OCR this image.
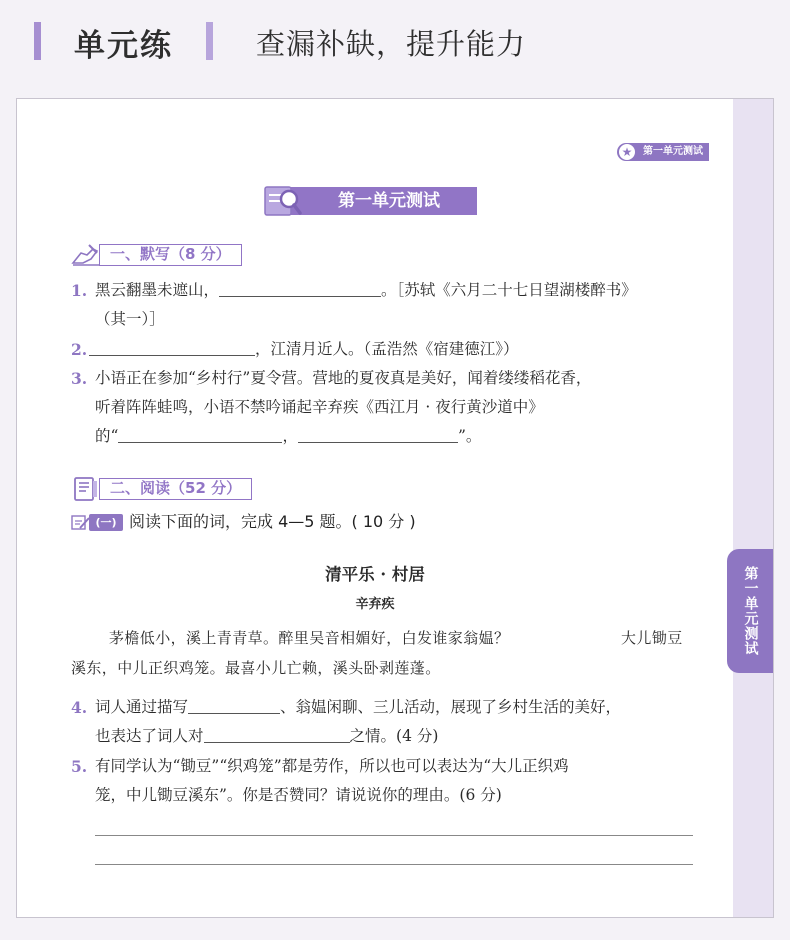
单元练	查漏补缺，提升能力
第一单元测试
★ 第一单元测试
第一单元测试
一、默写（8 分）
1. 黑云翻墨未遮山，	。［苏轼《六月二十七日望湖楼醉书》
（其一）］
2.	，江清月近人。（孟浩然《宿建德江》）
3. 小语正在参加“乡村行”夏令营。营地的夏夜真是美好，闻着缕缕稻花香，
听着阵阵蛙鸣，小语不禁吟诵起辛弃疾《西江月 · 夜行黄沙道中》
的“	，	”。
二、阅读（52 分）
(一) 阅读下面的词，完成 4—5 题。( 10 分 )
清平乐 · 村居
辛弃疾
茅檐低小，溪上青青草。醉里吴音相媚好，白发谁家翁媪？	大儿锄豆
溪东，中儿正织鸡笼。最喜小儿亡赖，溪头卧剥莲蓬。
4. 词人通过描写	、翁媪闲聊、三儿活动，展现了乡村生活的美好，
也表达了词人对	之情。(4 分)
5. 有同学认为“锄豆”“织鸡笼”都是劳作，所以也可以表达为“大儿正织鸡
笼，中儿锄豆溪东”。你是否赞同？请说说你的理由。(6 分)
